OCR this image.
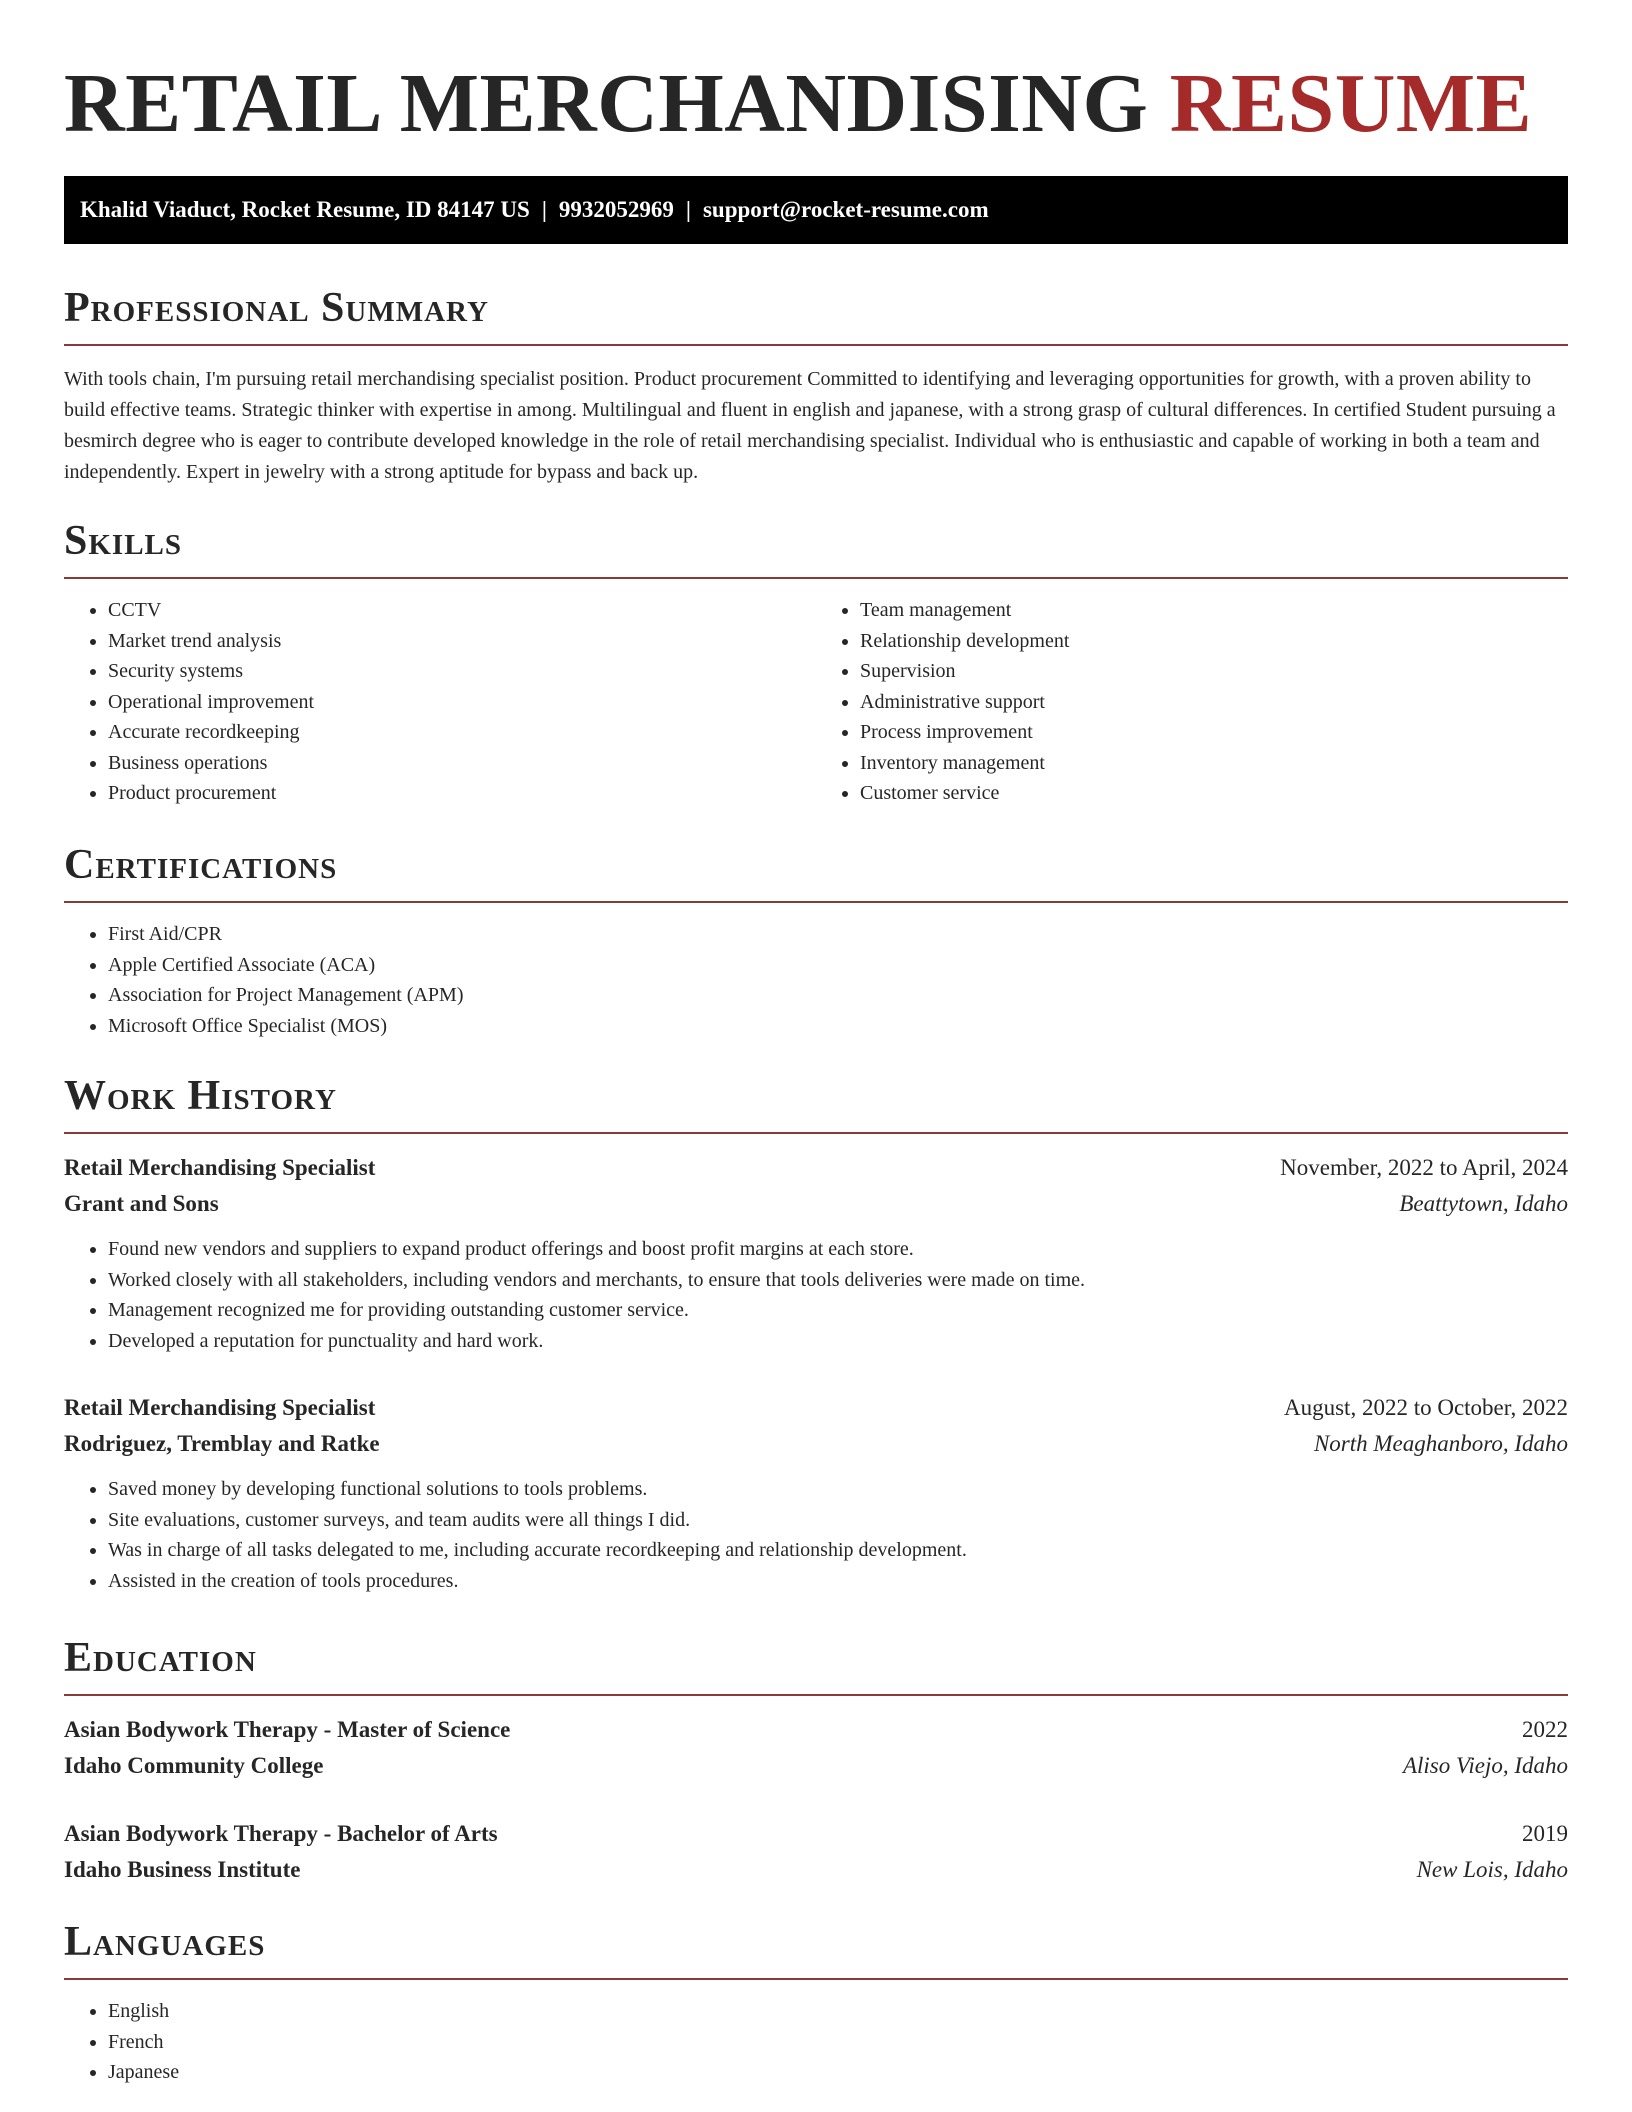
RETAIL MERCHANDISING RESUME
Khalid Viaduct, Rocket Resume, ID 84147 US | 9932052969 | support@rocket-resume.com
Professional Summary

With tools chain, I'm pursuing retail merchandising specialist position. Product procurement Committed to identifying and leveraging opportunities for growth, with a proven ability to build effective teams. Strategic thinker with expertise in among. Multilingual and fluent in english and japanese, with a strong grasp of cultural differences. In certified Student pursuing a besmirch degree who is eager to contribute developed knowledge in the role of retail merchandising specialist. Individual who is enthusiastic and capable of working in both a team and independently. Expert in jewelry with a strong aptitude for bypass and back up.

Skills
• CCTV
• Market trend analysis
• Security systems
• Operational improvement
• Accurate recordkeeping
• Business operations
• Product procurement
• Team management
• Relationship development
• Supervision
• Administrative support
• Process improvement
• Inventory management
• Customer service
Certifications
• First Aid/CPR
• Apple Certified Associate (ACA)
• Association for Project Management (APM)
• Microsoft Office Specialist (MOS)
Work History
Retail Merchandising Specialist	November, 2022 to April, 2024
Grant and Sons	Beattytown, Idaho
• Found new vendors and suppliers to expand product offerings and boost profit margins at each store.
• Worked closely with all stakeholders, including vendors and merchants, to ensure that tools deliveries were made on time.
• Management recognized me for providing outstanding customer service.
• Developed a reputation for punctuality and hard work.
Retail Merchandising Specialist	August, 2022 to October, 2022
Rodriguez, Tremblay and Ratke	North Meaghanboro, Idaho
• Saved money by developing functional solutions to tools problems.
• Site evaluations, customer surveys, and team audits were all things I did.
• Was in charge of all tasks delegated to me, including accurate recordkeeping and relationship development.
• Assisted in the creation of tools procedures.
Education
Asian Bodywork Therapy - Master of Science	2022
Idaho Community College	Aliso Viejo, Idaho
Asian Bodywork Therapy - Bachelor of Arts	2019
Idaho Business Institute	New Lois, Idaho
Languages
• English
• French
• Japanese
